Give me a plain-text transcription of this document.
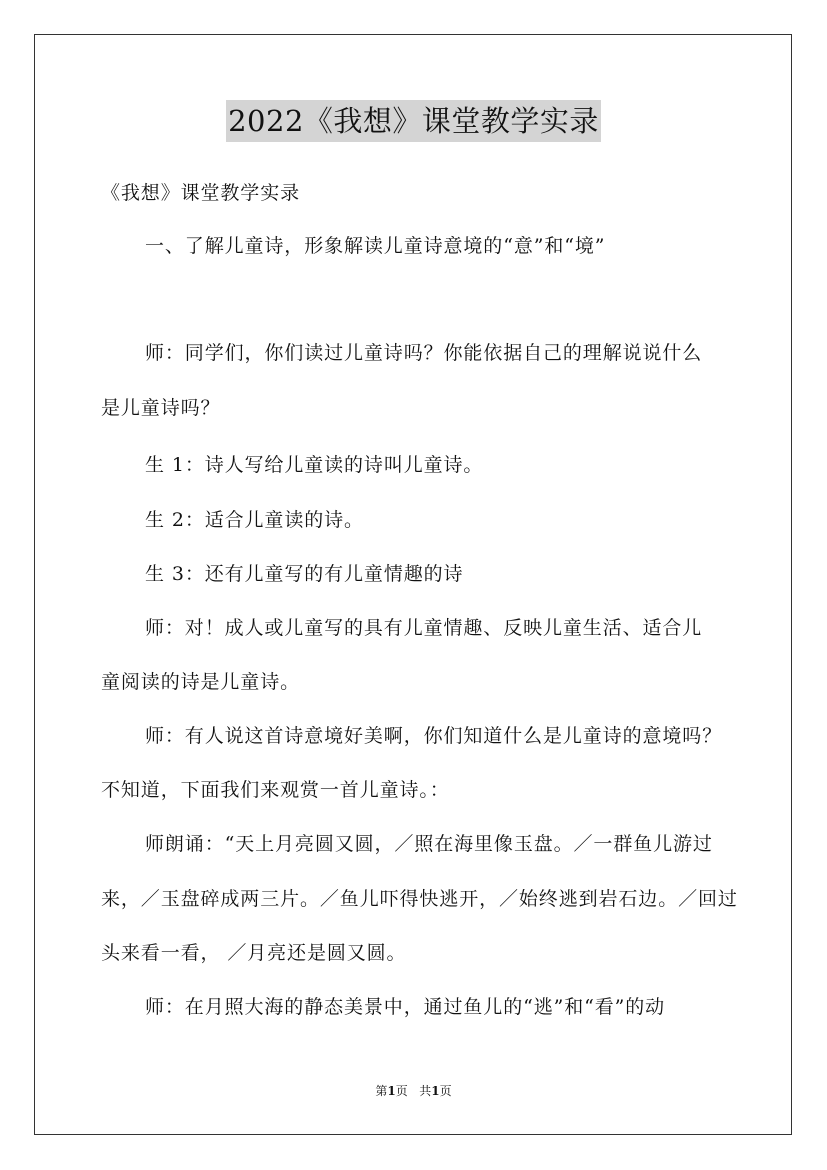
2022《我想》课堂教学实录
《我想》课堂教学实录
一、了解儿童诗，形象解读儿童诗意境的“意”和“境”
师：同学们，你们读过儿童诗吗？你能依据自己的理解说说什么
是儿童诗吗？
生 1：诗人写给儿童读的诗叫儿童诗。
生 2：适合儿童读的诗。
生 3：还有儿童写的有儿童情趣的诗
师：对！成人或儿童写的具有儿童情趣、反映儿童生活、适合儿
童阅读的诗是儿童诗。
师：有人说这首诗意境好美啊，你们知道什么是儿童诗的意境吗？
不知道，下面我们来观赏一首儿童诗。：
师朗诵：“天上月亮圆又圆，／照在海里像玉盘。／一群鱼儿游过
来，／玉盘碎成两三片。／鱼儿吓得快逃开，／始终逃到岩石边。／回过
头来看一看， ／月亮还是圆又圆。
师：在月照大海的静态美景中，通过鱼儿的“逃”和“看”的动
第1页 共1页
